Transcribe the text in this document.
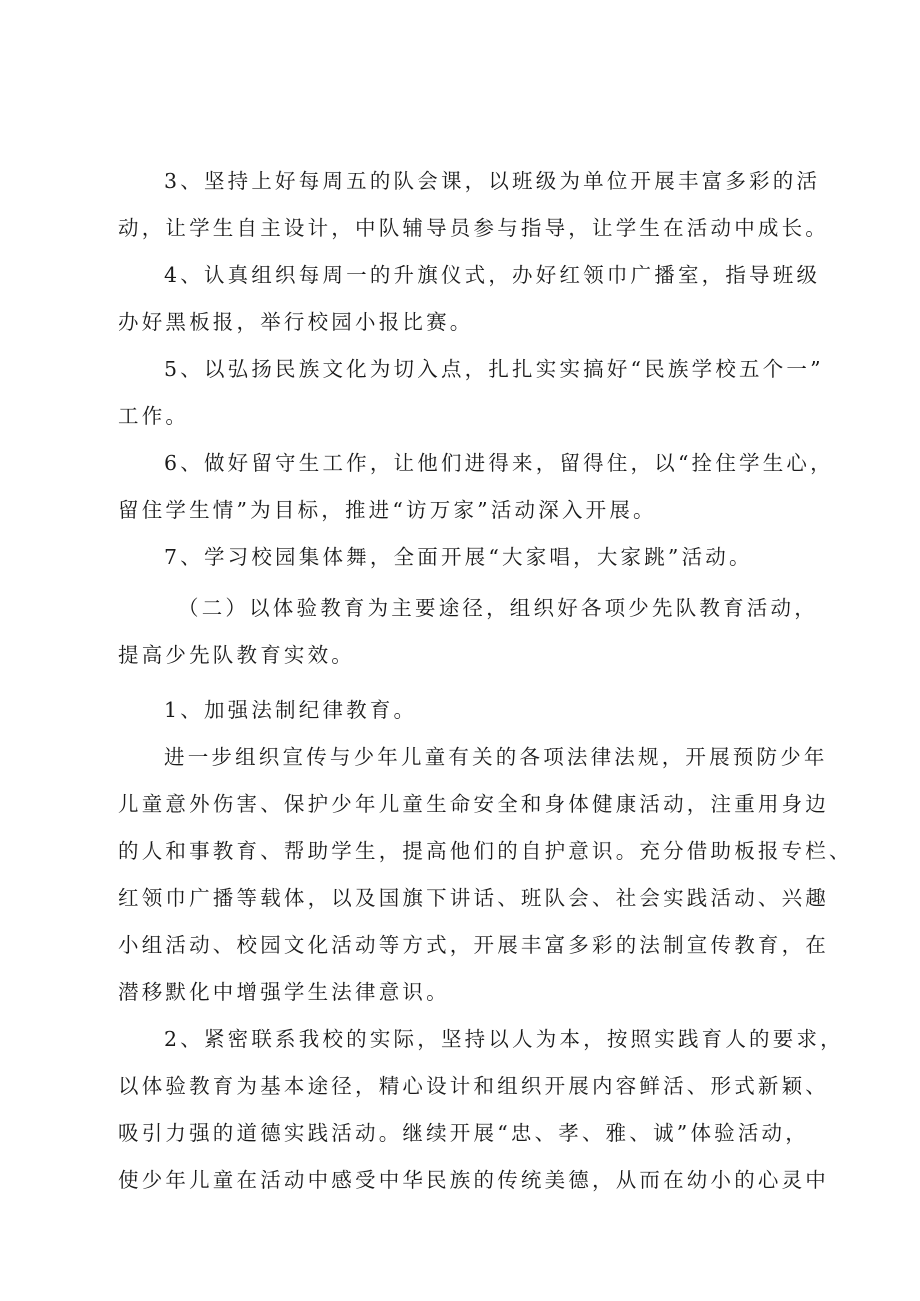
3、坚持上好每周五的队会课，以班级为单位开展丰富多彩的活
动，让学生自主设计，中队辅导员参与指导，让学生在活动中成长。
4、认真组织每周一的升旗仪式，办好红领巾广播室，指导班级
办好黑板报，举行校园小报比赛。
5、以弘扬民族文化为切入点，扎扎实实搞好“民族学校五个一”
工作。
6、做好留守生工作，让他们进得来，留得住，以“拴住学生心，
留住学生情”为目标，推进“访万家”活动深入开展。
7、学习校园集体舞，全面开展“大家唱，大家跳”活动。
（二）以体验教育为主要途径，组织好各项少先队教育活动，
提高少先队教育实效。
1、加强法制纪律教育。
进一步组织宣传与少年儿童有关的各项法律法规，开展预防少年
儿童意外伤害、保护少年儿童生命安全和身体健康活动，注重用身边
的人和事教育、帮助学生，提高他们的自护意识。充分借助板报专栏、
红领巾广播等载体，以及国旗下讲话、班队会、社会实践活动、兴趣
小组活动、校园文化活动等方式，开展丰富多彩的法制宣传教育，在
潜移默化中增强学生法律意识。
2、紧密联系我校的实际，坚持以人为本，按照实践育人的要求，
以体验教育为基本途径，精心设计和组织开展内容鲜活、形式新颖、
吸引力强的道德实践活动。继续开展“忠、孝、雅、诚”体验活动，
使少年儿童在活动中感受中华民族的传统美德，从而在幼小的心灵中
